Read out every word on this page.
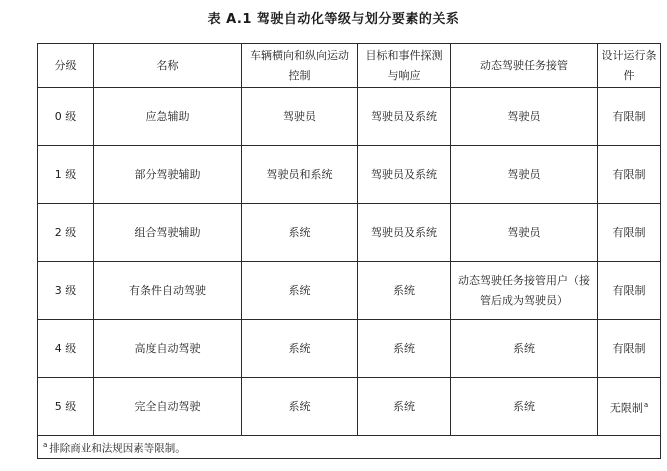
表 A.1 驾驶自动化等级与划分要素的关系
分级	名称	车辆横向和纵向运动控制	目标和事件探测与响应	动态驾驶任务接管	设计运行条件
0 级	应急辅助	驾驶员	驾驶员及系统	驾驶员	有限制
1 级	部分驾驶辅助	驾驶员和系统	驾驶员及系统	驾驶员	有限制
2 级	组合驾驶辅助	系统	驾驶员及系统	驾驶员	有限制
3 级	有条件自动驾驶	系统	系统	动态驾驶任务接管用户（接管后成为驾驶员）	有限制
4 级	高度自动驾驶	系统	系统	系统	有限制
5 级	完全自动驾驶	系统	系统	系统	无限制$^a$
$^a$ 排除商业和法规因素等限制。					
